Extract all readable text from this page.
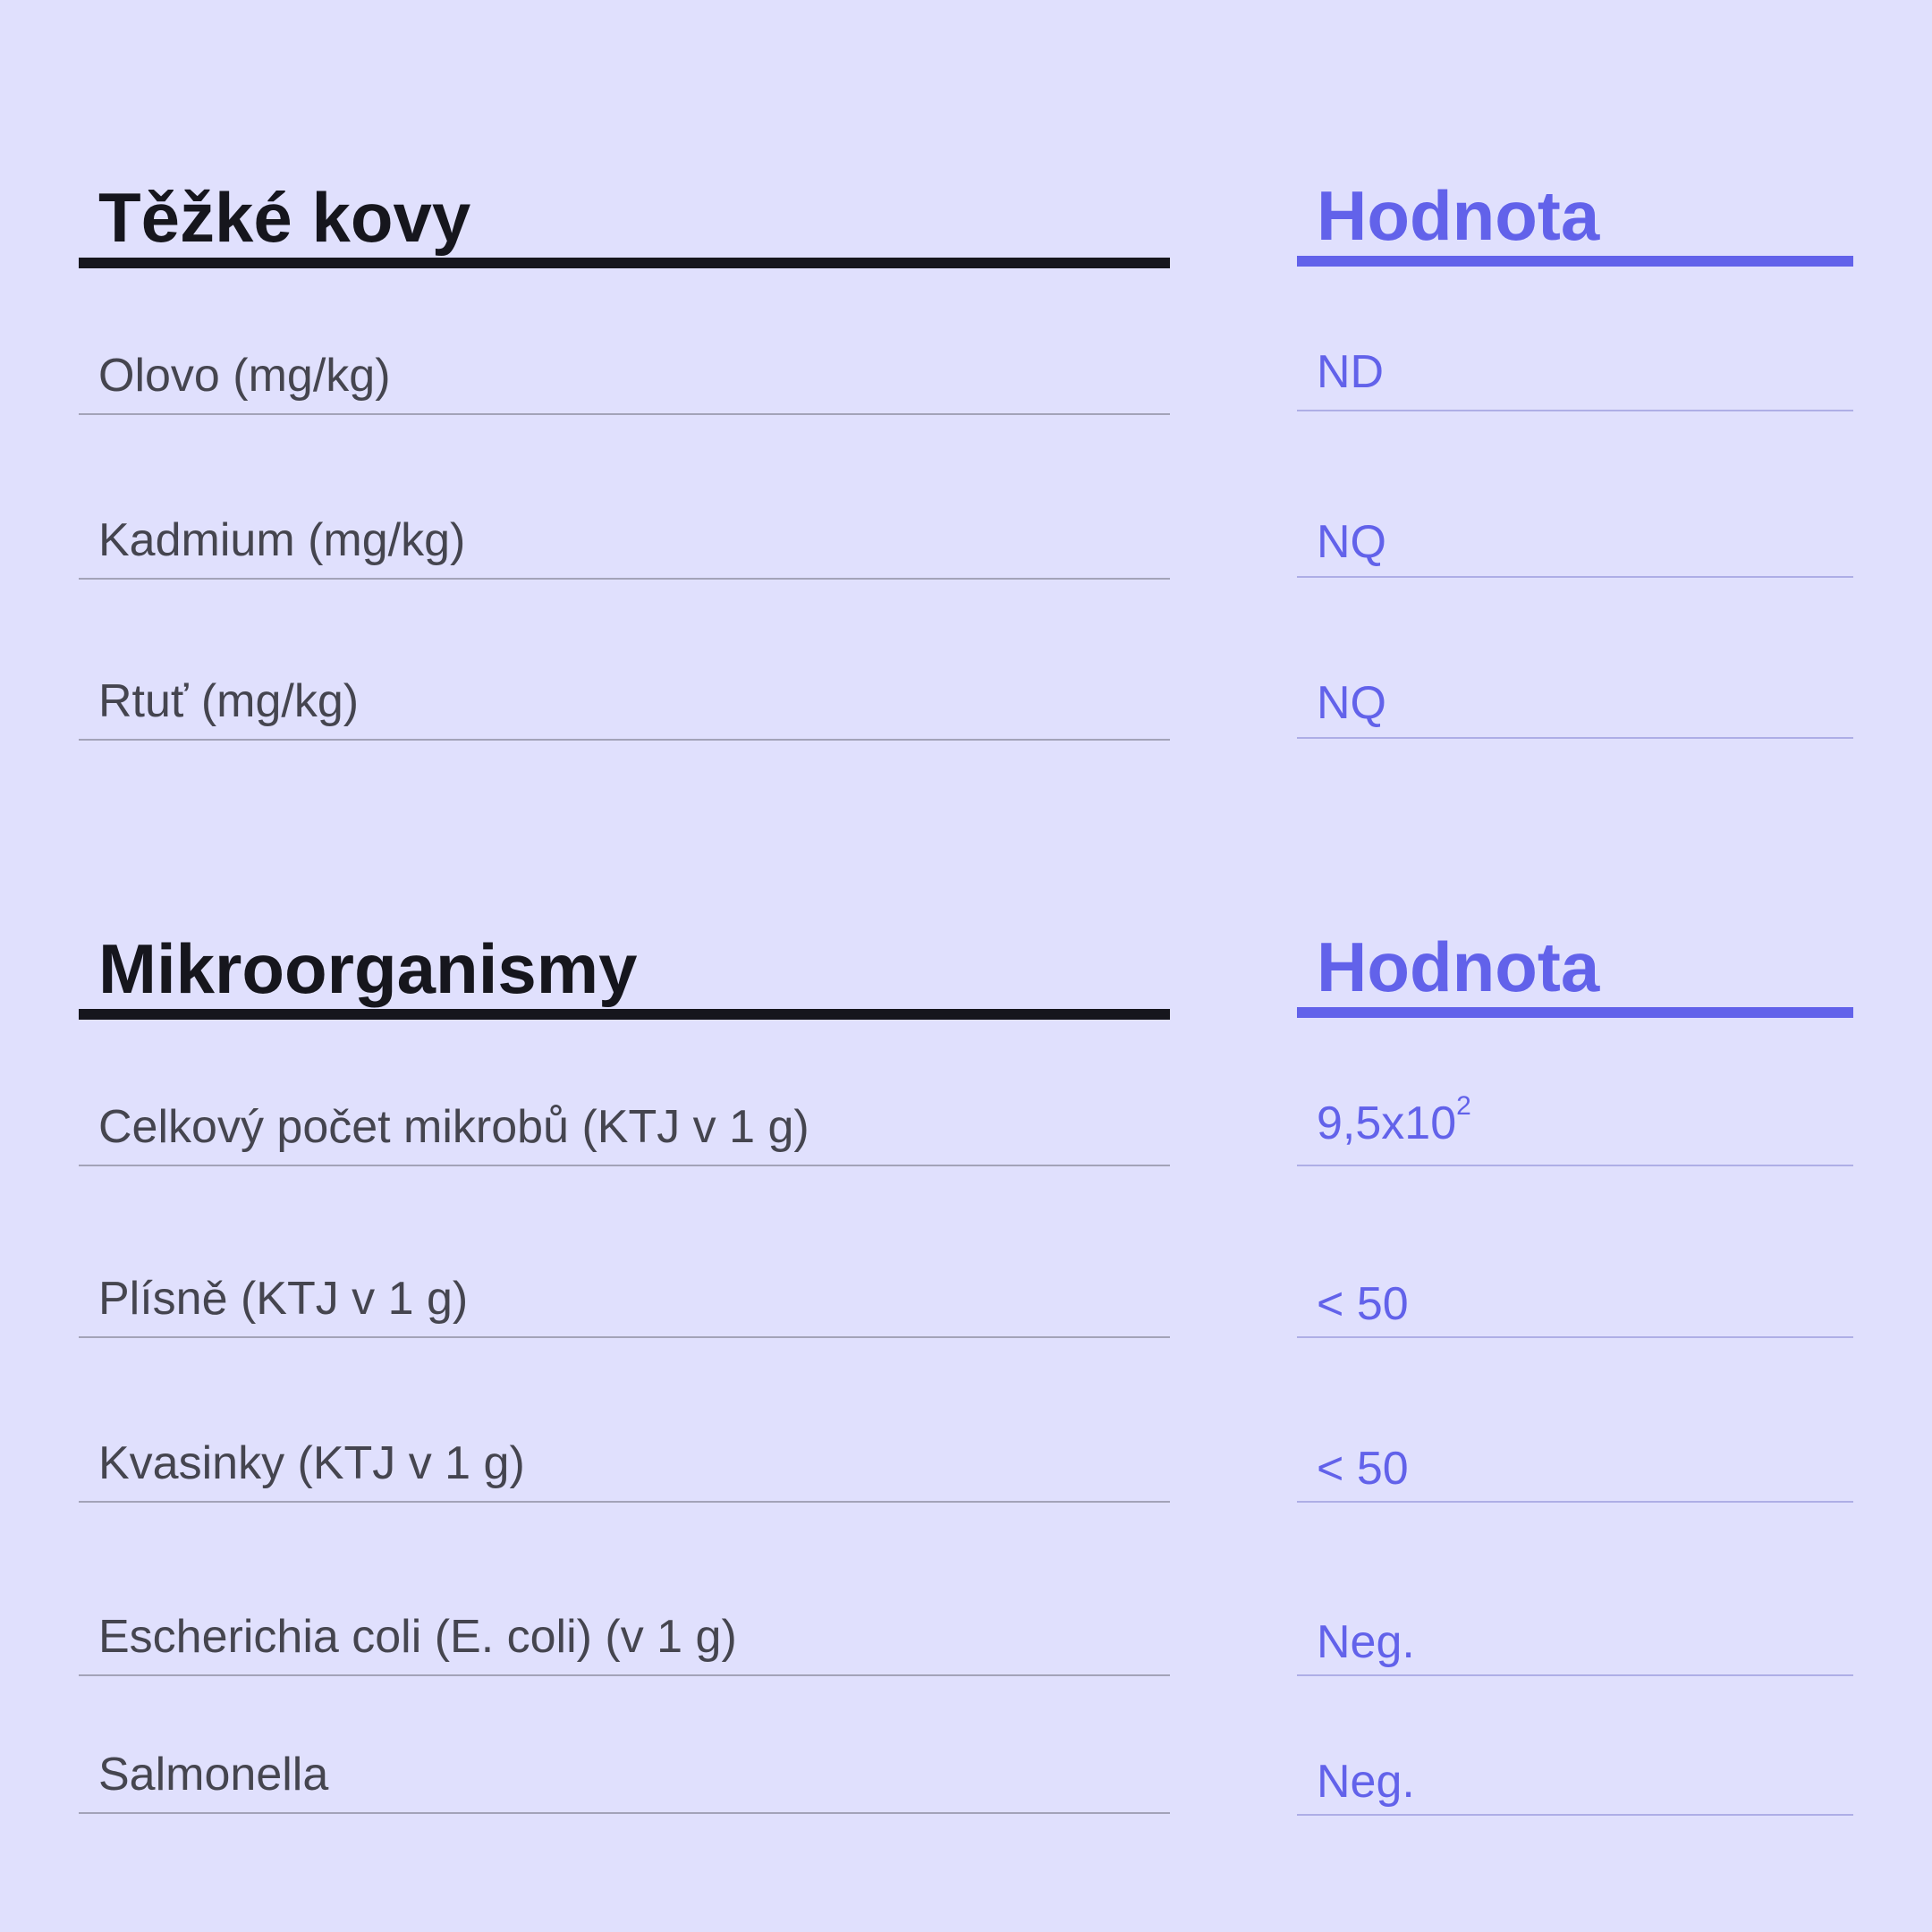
Těžké kovy
Olovo (mg/kg)
Kadmium (mg/kg)
Rtuť (mg/kg)
Hodnota
ND
NQ
NQ
Mikroorganismy
Celkový počet mikrobů (KTJ v 1 g)
Plísně (KTJ v 1 g)
Kvasinky (KTJ v 1 g)
Escherichia coli (E. coli) (v 1 g)
Salmonella
Hodnota
$9,5x10^2$
< 50
< 50
Neg.
Neg.
